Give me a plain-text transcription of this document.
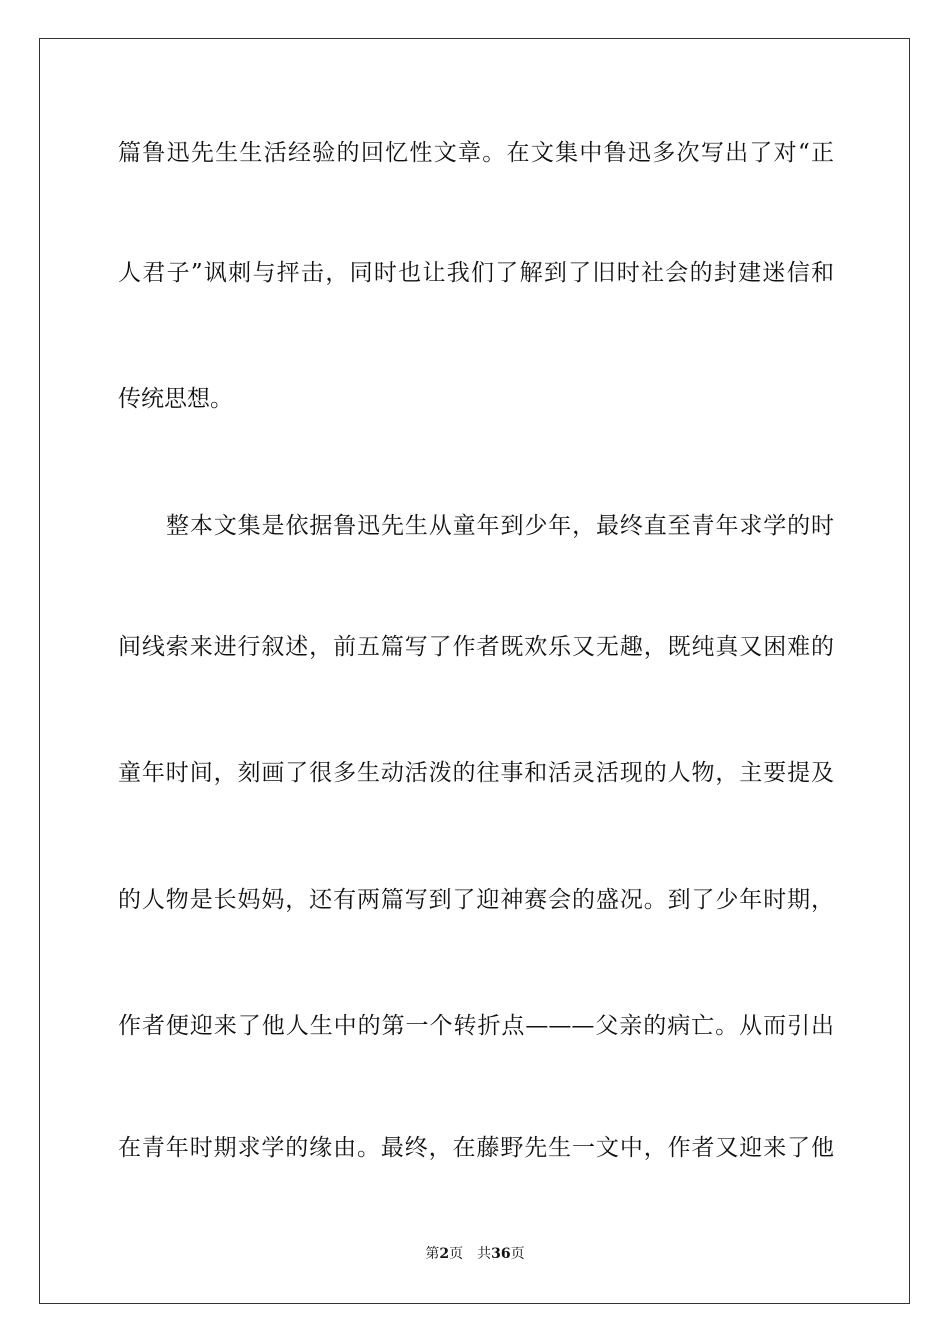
篇鲁迅先生生活经验的回忆性文章。在文集中鲁迅多次写出了对“正
人君子”讽刺与抨击，同时也让我们了解到了旧时社会的封建迷信和
传统思想。
整本文集是依据鲁迅先生从童年到少年，最终直至青年求学的时
间线索来进行叙述，前五篇写了作者既欢乐又无趣，既纯真又困难的
童年时间，刻画了很多生动活泼的往事和活灵活现的人物，主要提及
的人物是长妈妈，还有两篇写到了迎神赛会的盛况。到了少年时期，
作者便迎来了他人生中的第一个转折点———父亲的病亡。从而引出
在青年时期求学的缘由。最终，在藤野先生一文中，作者又迎来了他
第2页 共36页
